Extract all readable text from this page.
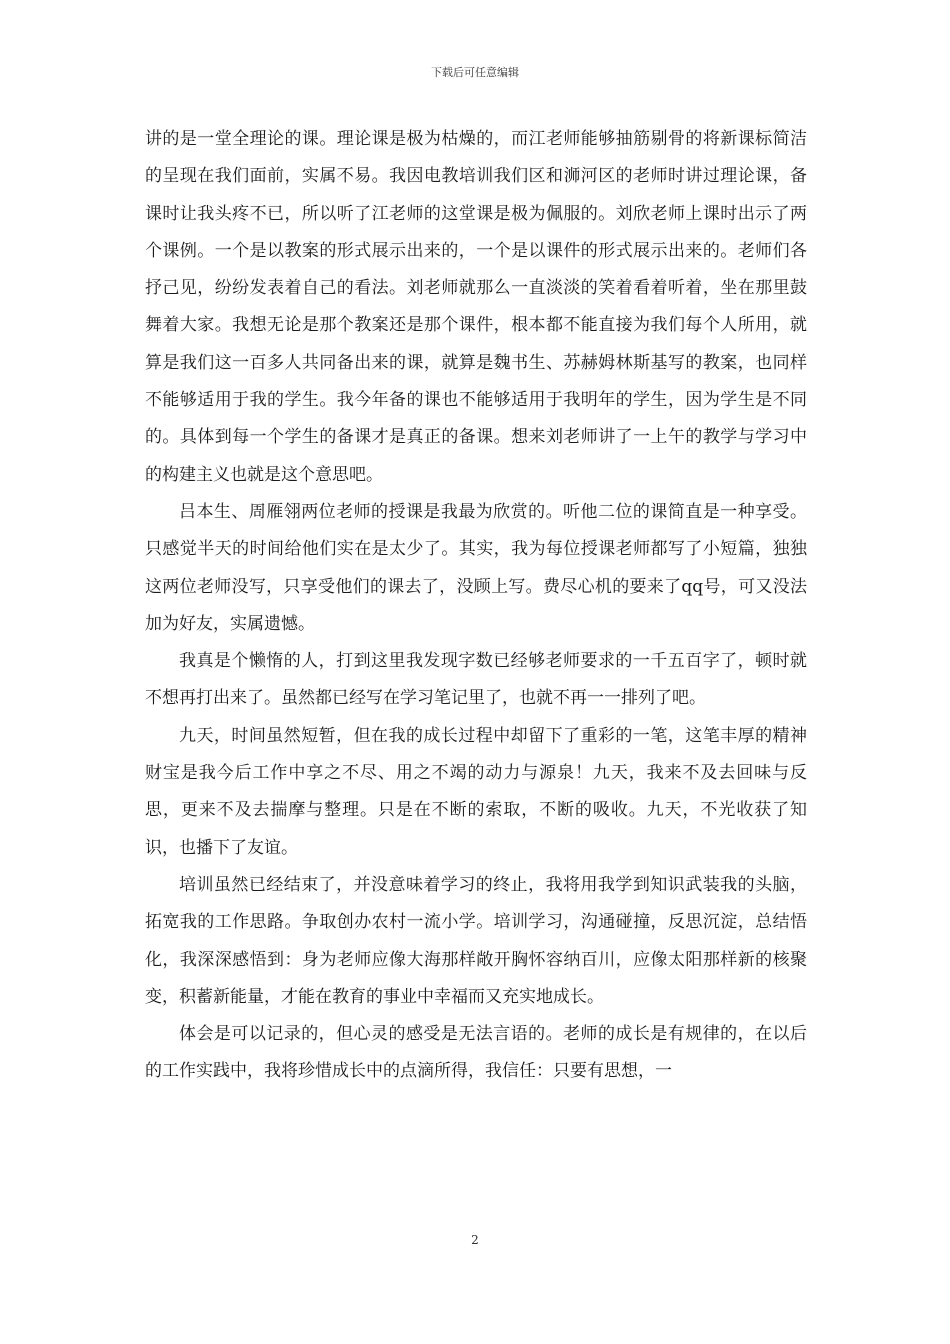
下载后可任意编辑

讲的是一堂全理论的课。理论课是极为枯燥的，而江老师能够抽筋剔骨的将新课标简洁的呈现在我们面前，实属不易。我因电教培训我们区和浉河区的老师时讲过理论课，备课时让我头疼不已，所以听了江老师的这堂课是极为佩服的。刘欣老师上课时出示了两个课例。一个是以教案的形式展示出来的，一个是以课件的形式展示出来的。老师们各抒己见，纷纷发表着自己的看法。刘老师就那么一直淡淡的笑着看着听着，坐在那里鼓舞着大家。我想无论是那个教案还是那个课件，根本都不能直接为我们每个人所用，就算是我们这一百多人共同备出来的课，就算是魏书生、苏赫姆林斯基写的教案，也同样不能够适用于我的学生。我今年备的课也不能够适用于我明年的学生，因为学生是不同的。具体到每一个学生的备课才是真正的备课。想来刘老师讲了一上午的教学与学习中的构建主义也就是这个意思吧。

吕本生、周雁翎两位老师的授课是我最为欣赏的。听他二位的课简直是一种享受。只感觉半天的时间给他们实在是太少了。其实，我为每位授课老师都写了小短篇，独独这两位老师没写，只享受他们的课去了，没顾上写。费尽心机的要来了qq号，可又没法加为好友，实属遗憾。

我真是个懒惰的人，打到这里我发现字数已经够老师要求的一千五百字了，顿时就不想再打出来了。虽然都已经写在学习笔记里了，也就不再一一排列了吧。

九天，时间虽然短暂，但在我的成长过程中却留下了重彩的一笔，这笔丰厚的精神财宝是我今后工作中享之不尽、用之不竭的动力与源泉！九天，我来不及去回味与反思，更来不及去揣摩与整理。只是在不断的索取，不断的吸收。九天，不光收获了知识，也播下了友谊。

培训虽然已经结束了，并没意味着学习的终止，我将用我学到知识武装我的头脑，拓宽我的工作思路。争取创办农村一流小学。培训学习，沟通碰撞，反思沉淀，总结悟化，我深深感悟到：身为老师应像大海那样敞开胸怀容纳百川，应像太阳那样新的核聚变，积蓄新能量，才能在教育的事业中幸福而又充实地成长。

体会是可以记录的，但心灵的感受是无法言语的。老师的成长是有规律的，在以后的工作实践中，我将珍惜成长中的点滴所得，我信任：只要有思想，一

2
